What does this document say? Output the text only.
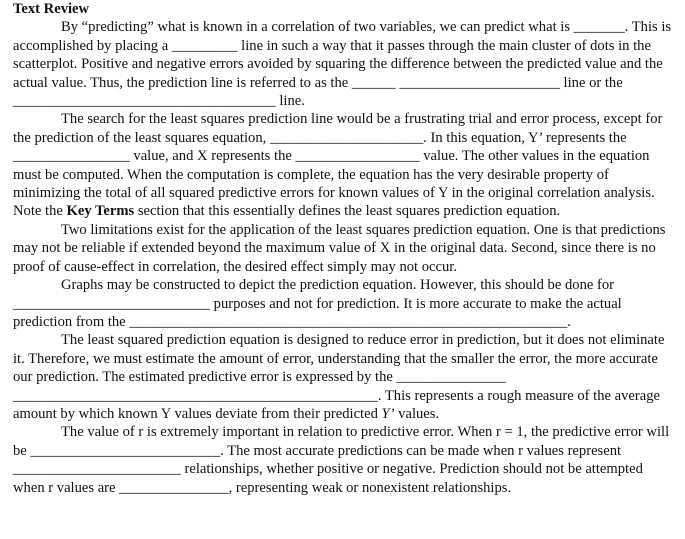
Text Review

By “predicting” what is known in a correlation of two variables, we can predict what is _______. This is accomplished by placing a _________ line in such a way that it passes through the main cluster of dots in the scatterplot. Positive and negative errors avoided by squaring the difference between the predicted value and the actual value. Thus, the prediction line is referred to as the ______ ______________________ line or the ____________________________________ line.

The search for the least squares prediction line would be a frustrating trial and error process, except for the prediction of the least squares equation, _____________________. In this equation, Y’ represents the ________________ value, and X represents the _________________ value. The other values in the equation must be computed. When the computation is complete, the equation has the very desirable property of minimizing the total of all squared predictive errors for known values of Y in the original correlation analysis. Note the Key Terms section that this essentially defines the least squares prediction equation.

Two limitations exist for the application of the least squares prediction equation. One is that predictions may not be reliable if extended beyond the maximum value of X in the original data. Second, since there is no proof of cause-effect in correlation, the desired effect simply may not occur.

Graphs may be constructed to depict the prediction equation. However, this should be done for ___________________________ purposes and not for prediction. It is more accurate to make the actual prediction from the ____________________________________________________________.

The least squared prediction equation is designed to reduce error in prediction, but it does not eliminate it. Therefore, we must estimate the amount of error, understanding that the smaller the error, the more accurate our prediction. The estimated predictive error is expressed by the _______________ __________________________________________________. This represents a rough measure of the average amount by which known Y values deviate from their predicted Y’ values.

The value of r is extremely important in relation to predictive error. When r = 1, the predictive error will be __________________________. The most accurate predictions can be made when r values represent _______________________ relationships, whether positive or negative. Prediction should not be attempted when r values are _______________, representing weak or nonexistent relationships.
